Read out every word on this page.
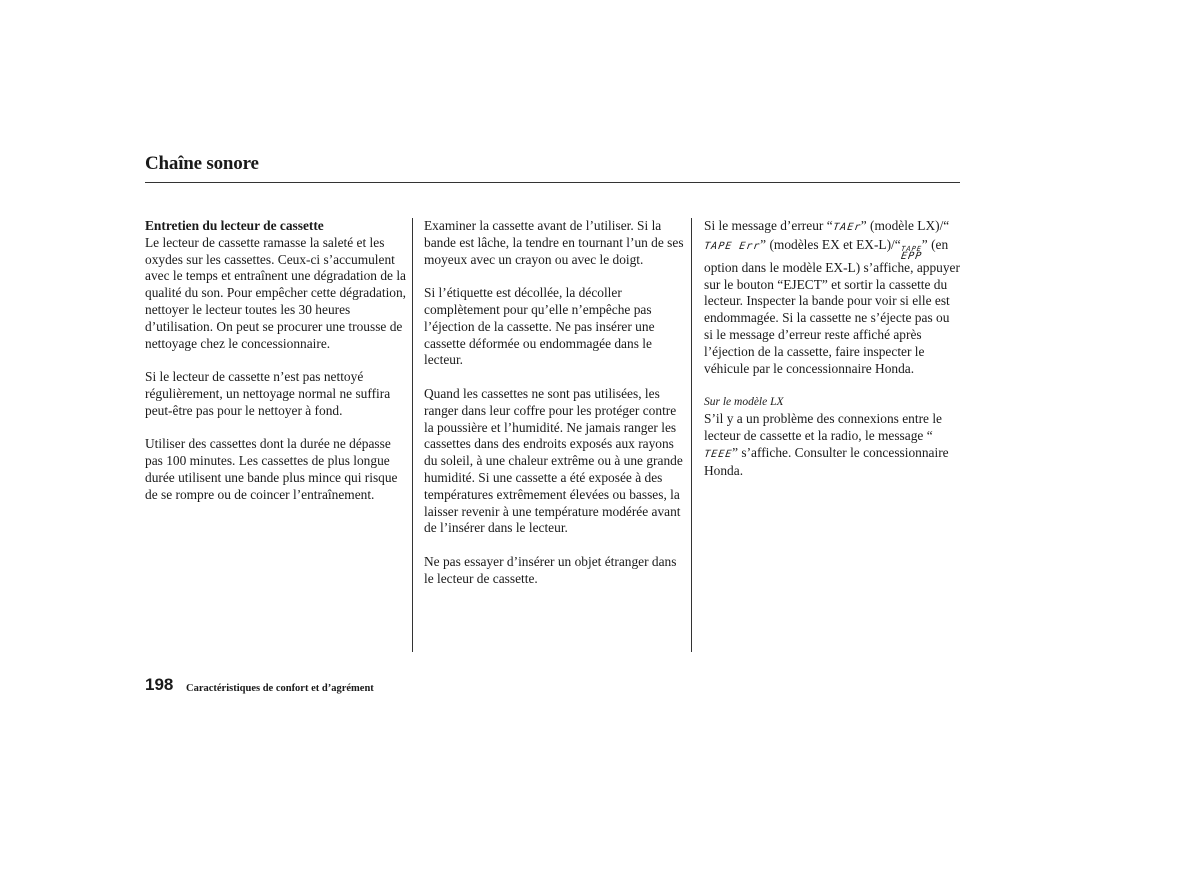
Chaîne sonore

Entretien du lecteur de cassette
Le lecteur de cassette ramasse la saleté et les oxydes sur les cassettes. Ceux-ci s’accumulent avec le temps et entraînent une dégradation de la qualité du son. Pour empêcher cette dégradation, nettoyer le lecteur toutes les 30 heures d’utilisation. On peut se procurer une trousse de nettoyage chez le concessionnaire.

Si le lecteur de cassette n’est pas nettoyé régulièrement, un nettoyage normal ne suffira peut-être pas pour le nettoyer à fond.

Utiliser des cassettes dont la durée ne dépasse pas 100 minutes. Les cassettes de plus longue durée utilisent une bande plus mince qui risque de se rompre ou de coincer l’entraînement.

Examiner la cassette avant de l’utiliser. Si la bande est lâche, la tendre en tournant l’un de ses moyeux avec un crayon ou avec le doigt.

Si l’étiquette est décollée, la décoller complètement pour qu’elle n’empêche pas l’éjection de la cassette. Ne pas insérer une cassette déformée ou endommagée dans le lecteur.

Quand les cassettes ne sont pas utilisées, les ranger dans leur coffre pour les protéger contre la poussière et l’humidité. Ne jamais ranger les cassettes dans des endroits exposés aux rayons du soleil, à une chaleur extrême ou à une grande humidité. Si une cassette a été exposée à des températures extrêmement élevées ou basses, la laisser revenir à une température modérée avant de l’insérer dans le lecteur.

Ne pas essayer d’insérer un objet étranger dans le lecteur de cassette.

Si le message d’erreur “TAEr” (modèle LX)/“TAPE Err” (modèles EX et EX-L)/“ TAPE
EPP
” (en option dans le modèle EX-L) s’affiche, appuyer sur le bouton “EJECT” et sortir la cassette du lecteur. Inspecter la bande pour voir si elle est endommagée. Si la cassette ne s’éjecte pas ou si le message d’erreur reste affiché après l’éjection de la cassette, faire inspecter le véhicule par le concessionnaire Honda.

Sur le modèle LX
S’il y a un problème des connexions entre le lecteur de cassette et la radio, le message “TEEE” s’affiche. Consulter le concessionnaire Honda.

198 Caractéristiques de confort et d’agrément
